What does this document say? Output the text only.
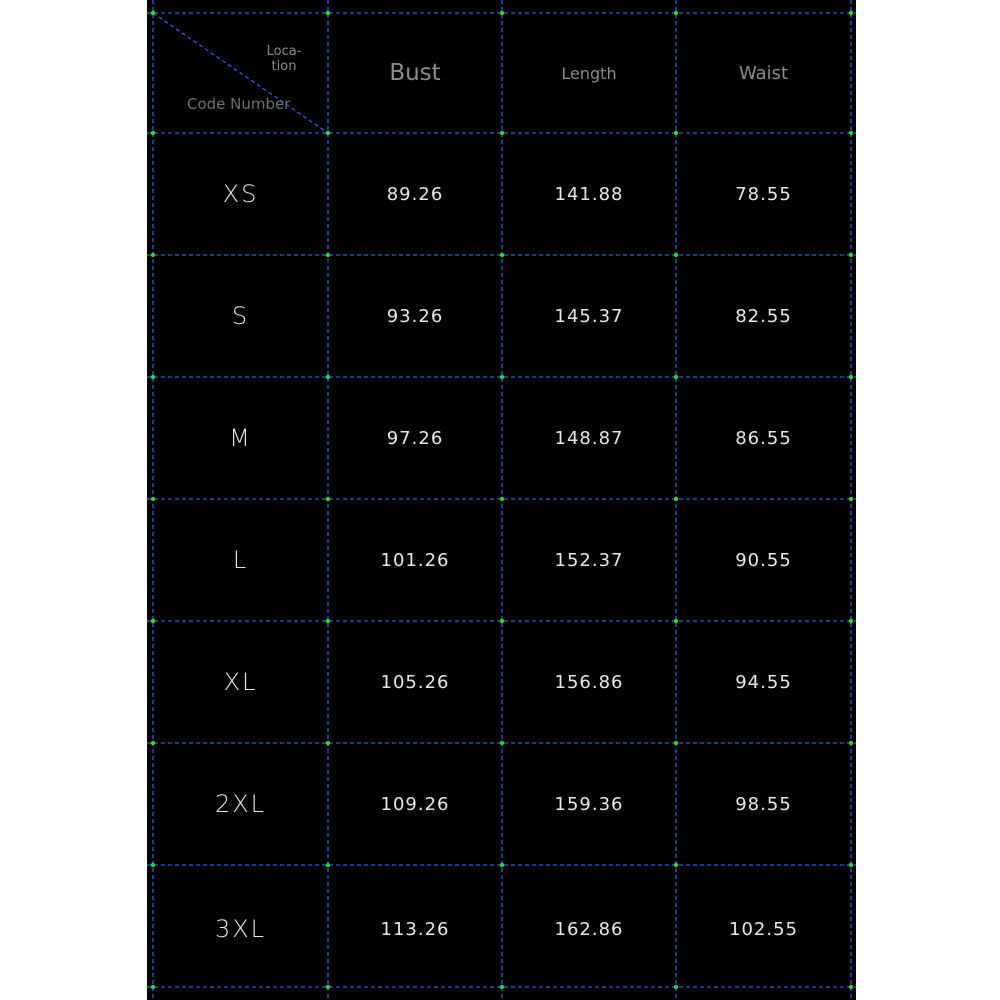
Loca-
tion
Code Number
Bust	Length	Waist
XS	89.26	141.88	78.55
S	93.26	145.37	82.55
M	97.26	148.87	86.55
L	101.26	152.37	90.55
XL	105.26	156.86	94.55
2XL	109.26	159.36	98.55
3XL	113.26	162.86	102.55
